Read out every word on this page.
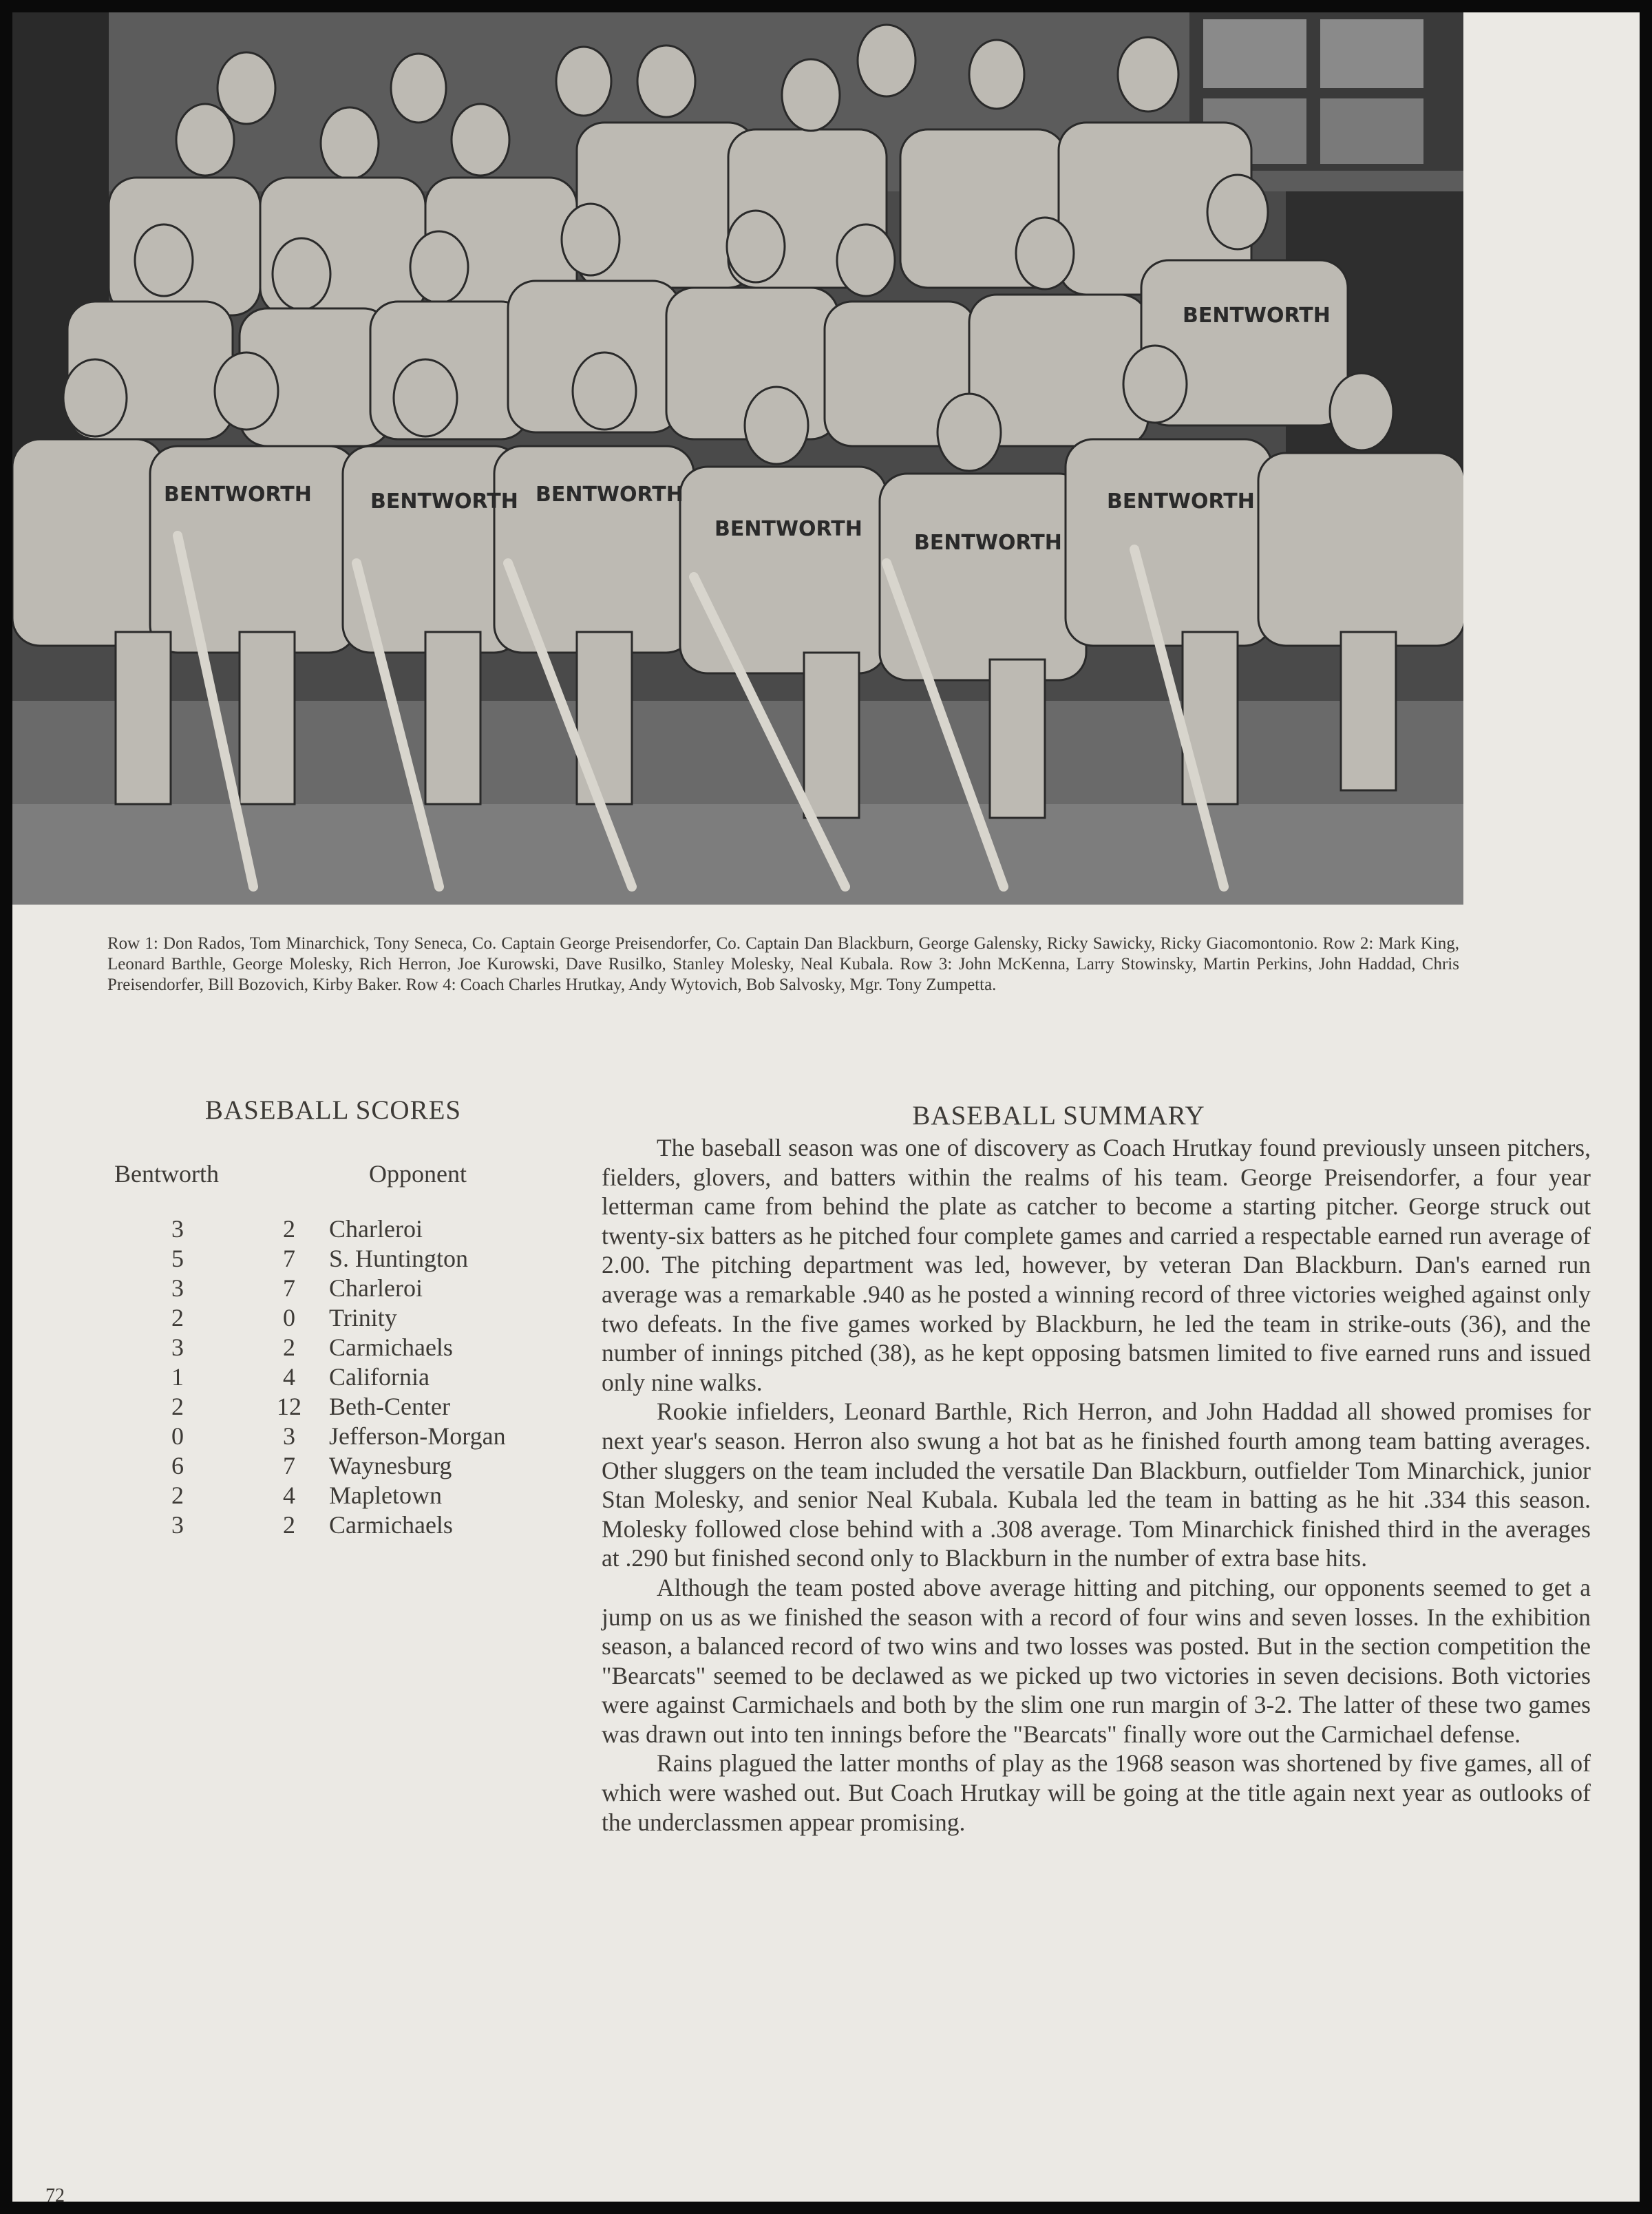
BENTWORTH	BENTWORTH BENTWORTH
BENTWORTH
BENTWORTH
BENTWORTH
BENTWORTH
Row 1: Don Rados, Tom Minarchick, Tony Seneca, Co. Captain George Preisendorfer, Co. Captain Dan Blackburn, George Galensky, Ricky Sawicky, Ricky Giacomontonio. Row 2: Mark King, Leonard Barthle, George Molesky, Rich Herron, Joe Kurowski, Dave Rusilko, Stanley Molesky, Neal Kubala. Row 3: John McKenna, Larry Stowinsky, Martin Perkins, John Haddad, Chris Preisendorfer, Bill Bozovich, Kirby Baker. Row 4: Coach Charles Hrutkay, Andy Wytovich, Bob Salvosky, Mgr. Tony Zumpetta.
BASEBALL SCORES
Bentworth	Opponent
3	2	Charleroi
5	7	S. Huntington
3	7	Charleroi
2	0	Trinity
3	2	Carmichaels
1	4	California
2	12	Beth-Center
0	3	Jefferson-Morgan
6	7	Waynesburg
2	4	Mapletown
3	2	Carmichaels
BASEBALL SUMMARY

The baseball season was one of discovery as Coach Hrutkay found previously unseen pitchers, fielders, glovers, and batters within the realms of his team. George Preisendorfer, a four year letterman came from behind the plate as catcher to become a starting pitcher. George struck out twenty-six batters as he pitched four complete games and carried a respectable earned run average of 2.00. The pitching department was led, however, by veteran Dan Blackburn. Dan's earned run average was a remarkable .940 as he posted a winning record of three victories weighed against only two defeats. In the five games worked by Blackburn, he led the team in strike-outs (36), and the number of innings pitched (38), as he kept opposing batsmen limited to five earned runs and issued only nine walks.

Rookie infielders, Leonard Barthle, Rich Herron, and John Haddad all showed promises for next year's season. Herron also swung a hot bat as he finished fourth among team batting averages. Other sluggers on the team included the versatile Dan Blackburn, outfielder Tom Minarchick, junior Stan Molesky, and senior Neal Kubala. Kubala led the team in batting as he hit .334 this season. Molesky followed close behind with a .308 average. Tom Minarchick finished third in the averages at .290 but finished second only to Blackburn in the number of extra base hits.

Although the team posted above average hitting and pitching, our opponents seemed to get a jump on us as we finished the season with a record of four wins and seven losses. In the exhibition season, a balanced record of two wins and two losses was posted. But in the section competition the "Bearcats" seemed to be declawed as we picked up two victories in seven decisions. Both victories were against Carmichaels and both by the slim one run margin of 3-2. The latter of these two games was drawn out into ten innings before the "Bearcats" finally wore out the Carmichael defense.

Rains plagued the latter months of play as the 1968 season was shortened by five games, all of which were washed out. But Coach Hrutkay will be going at the title again next year as outlooks of the underclassmen appear promising.

72
